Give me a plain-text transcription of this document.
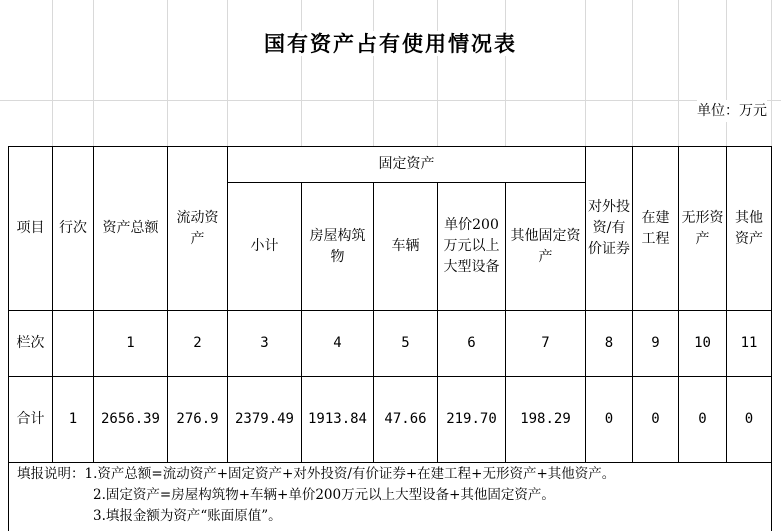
国有资产占有使用情况表
单位：万元
项目	行次	资产总额	流动资产	固定资产					对外投资/有价证券	在建工程	无形资产	其他资产
				小计	房屋构筑物	车辆	单价200万元以上大型设备	其他固定资产				
栏次		1	2	3	4	5	6	7	8	9	10	11
合计	1	2656.39	276.9	2379.49	1913.84	47.66	219.70	198.29	0	0	0	0
填报说明：1.资产总额=流动资产+固定资产+对外投资/有价证券+在建工程+无形资产+其他资产。
2.固定资产=房屋构筑物+车辆+单价200万元以上大型设备+其他固定资产。
3.填报金额为资产“账面原值”。
